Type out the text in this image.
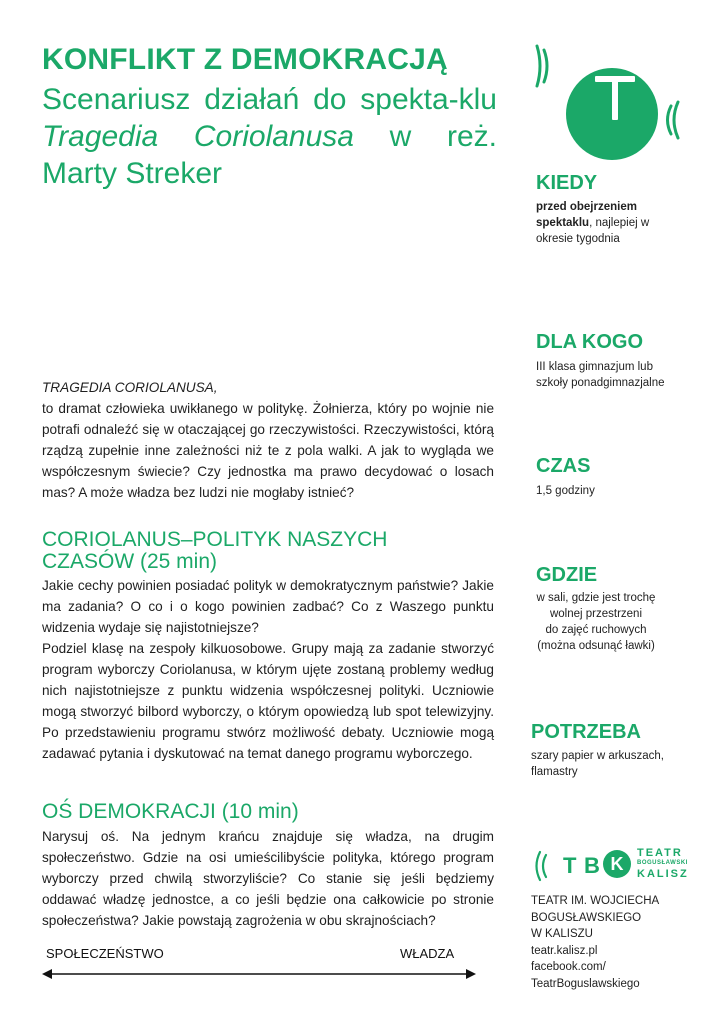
KONFLIKT Z DEMOKRACJĄ
Scenariusz działań do spekta-klu Tragedia Coriolanusa w reż. Marty Streker
TRAGEDIA CORIOLANUSA,
to dramat człowieka uwikłanego w politykę. Żołnierza, który po wojnie nie potrafi odnaleźć się w otaczającej go rzeczywistości. Rzeczywistości, którą rządzą zupełnie inne zależności niż te z pola walki. A jak to wygląda we współczesnym świecie? Czy jednostka ma prawo decydować o losach mas? A może władza bez ludzi nie mogłaby istnieć?
CORIOLANUS–POLITYK NASZYCH CZASÓW (25 min)
Jakie cechy powinien posiadać polityk w demokratycznym państwie? Jakie ma zadania? O co i o kogo powinien zadbać? Co z Waszego punktu widzenia wydaje się najistotniejsze?
Podziel klasę na zespoły kilkuosobowe. Grupy mają za zadanie stworzyć program wyborczy Coriolanusa, w którym ujęte zostaną problemy według nich najistotniejsze z punktu widzenia współczesnej polityki. Uczniowie mogą stworzyć bilbord wyborczy, o którym opowiedzą lub spot telewizyjny. Po przedstawieniu programu stwórz możliwość debaty. Uczniowie mogą zadawać pytania i dyskutować na temat danego programu wyborczego.
OŚ DEMOKRACJI (10 min)
Narysuj oś. Na jednym krańcu znajduje się władza, na drugim społeczeństwo. Gdzie na osi umieścilibyście polityka, którego program wyborczy przed chwilą stworzyliście? Co stanie się jeśli będziemy oddawać władzę jednostce, a co jeśli będzie ona całkowicie po stronie społeczeństwa? Jakie powstają zagrożenia w obu skrajnościach?
SPOŁECZEŃSTWO	WŁADZA
KIEDY
przed obejrzeniem spektaklu, najlepiej w okresie tygodnia
DLA KOGO
III klasa gimnazjum lub szkoły ponadgimnazjalne
CZAS
1,5 godziny
GDZIE
w sali, gdzie jest trochę
wolnej przestrzeni
do zajęć ruchowych
(można odsunąć ławki)
POTRZEBA
szary papier w arkuszach, flamastry
T B K
TEATR
BOGUSŁAWSKI
KALISZ
TEATR IM. WOJCIECHA
BOGUSŁAWSKIEGO
W KALISZU
teatr.kalisz.pl
facebook.com/
TeatrBoguslawskiego
